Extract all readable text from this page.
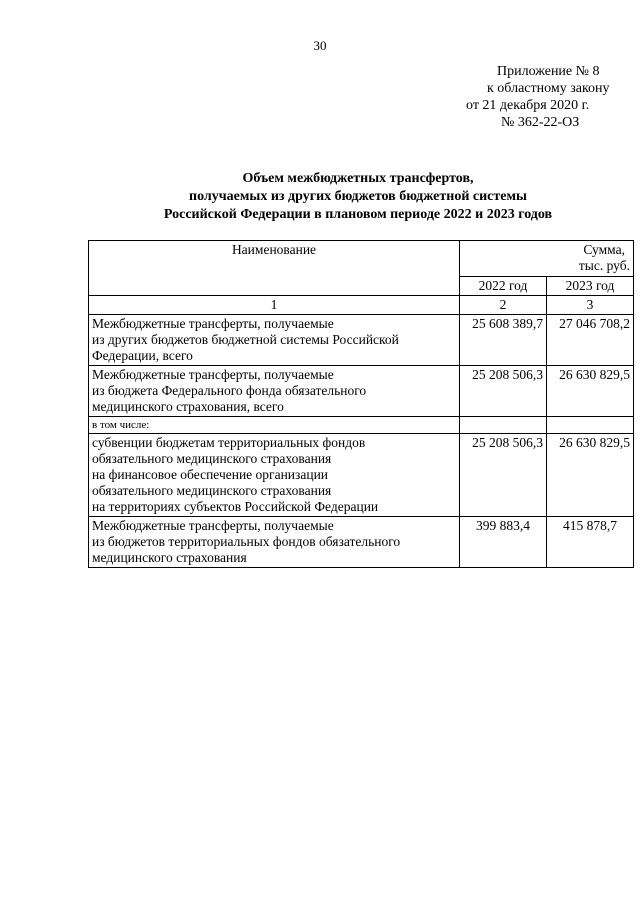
30
Приложение № 8
к областному закону
от 21 декабря 2020 г.
№ 362-22-ОЗ
Объем межбюджетных трансфертов,
получаемых из других бюджетов бюджетной системы
Российской Федерации в плановом периоде 2022 и 2023 годов
Наименование	Сумма,
тыс. руб.	

	2022 год	2023 год
1	2	3
Межбюджетные трансферты, получаемые
из других бюджетов бюджетной системы Российской
Федерации, всего	25 608 389,7	27 046 708,2
Межбюджетные трансферты, получаемые
из бюджета Федерального фонда обязательного
медицинского страхования, всего	25 208 506,3	26 630 829,5
в том числе:		
субвенции бюджетам территориальных фондов
обязательного медицинского страхования
на финансовое обеспечение организации
обязательного медицинского страхования
на территориях субъектов Российской Федерации	25 208 506,3	26 630 829,5
Межбюджетные трансферты, получаемые
из бюджетов территориальных фондов обязательного
медицинского страхования	399 883,4	415 878,7
